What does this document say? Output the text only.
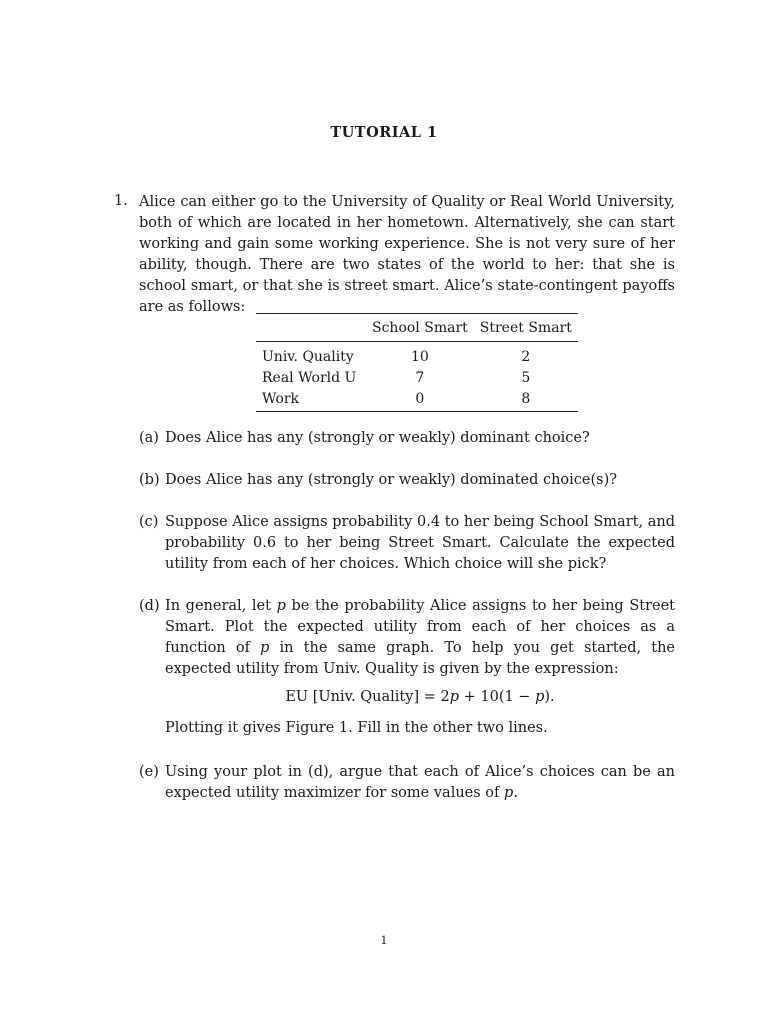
TUTORIAL 1
1. Alice can either go to the University of Quality or Real World University, both of which are located in her hometown. Alternatively, she can start working and gain some working experience. She is not very sure of her ability, though. There are two states of the world to her: that she is school smart, or that she is street smart. Alice’s state-contingent payoffs are as follows:
	School Smart	Street Smart
Univ. Quality	10	2
Real World U	7	5
Work	0	8
(a) Does Alice has any (strongly or weakly) dominant choice?
(b) Does Alice has any (strongly or weakly) dominated choice(s)?
(c) Suppose Alice assigns probability 0.4 to her being School Smart, and probability 0.6 to her being Street Smart. Calculate the expected utility from each of her choices. Which choice will she pick?
(d) In general, let p be the probability Alice assigns to her being Street Smart. Plot the expected utility from each of her choices as a function of p in the same graph. To help you get started, the expected utility from Univ. Quality is given by the expression:
EU [Univ. Quality] = 2p + 10(1 − p).
Plotting it gives Figure 1. Fill in the other two lines.
(e) Using your plot in (d), argue that each of Alice’s choices can be an expected utility maximizer for some values of p.
1
